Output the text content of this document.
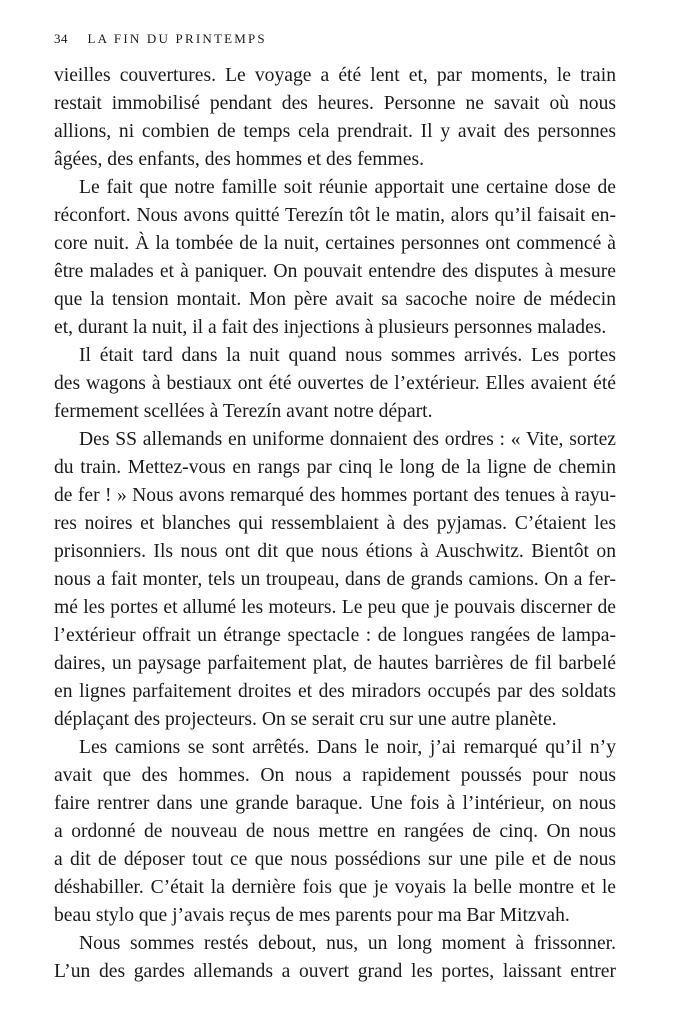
34 LA FIN DU PRINTEMPS
vieilles couvertures. Le voyage a été lent et, par moments, le train
restait immobilisé pendant des heures. Personne ne savait où nous
allions, ni combien de temps cela prendrait. Il y avait des personnes
âgées, des enfants, des hommes et des femmes.
Le fait que notre famille soit réunie apportait une certaine dose de
réconfort. Nous avons quitté Terezín tôt le matin, alors qu’il faisait en-
core nuit. À la tombée de la nuit, certaines personnes ont commencé à
être malades et à paniquer. On pouvait entendre des disputes à mesure
que la tension montait. Mon père avait sa sacoche noire de médecin
et, durant la nuit, il a fait des injections à plusieurs personnes malades.
Il était tard dans la nuit quand nous sommes arrivés. Les portes
des wagons à bestiaux ont été ouvertes de l’extérieur. Elles avaient été
fermement scellées à Terezín avant notre départ.
Des SS allemands en uniforme donnaient des ordres : « Vite, sortez
du train. Mettez-vous en rangs par cinq le long de la ligne de chemin
de fer ! » Nous avons remarqué des hommes portant des tenues à rayu-
res noires et blanches qui ressemblaient à des pyjamas. C’étaient les
prisonniers. Ils nous ont dit que nous étions à Auschwitz. Bientôt on
nous a fait monter, tels un troupeau, dans de grands camions. On a fer-
mé les portes et allumé les moteurs. Le peu que je pouvais discerner de
l’extérieur offrait un étrange spectacle : de longues rangées de lampa-
daires, un paysage parfaitement plat, de hautes barrières de fil barbelé
en lignes parfaitement droites et des miradors occupés par des soldats
déplaçant des projecteurs. On se serait cru sur une autre planète.
Les camions se sont arrêtés. Dans le noir, j’ai remarqué qu’il n’y
avait que des hommes. On nous a rapidement poussés pour nous
faire rentrer dans une grande baraque. Une fois à l’intérieur, on nous
a ordonné de nouveau de nous mettre en rangées de cinq. On nous
a dit de déposer tout ce que nous possédions sur une pile et de nous
déshabiller. C’était la dernière fois que je voyais la belle montre et le
beau stylo que j’avais reçus de mes parents pour ma Bar Mitzvah.
Nous sommes restés debout, nus, un long moment à frissonner.
L’un des gardes allemands a ouvert grand les portes, laissant entrer
